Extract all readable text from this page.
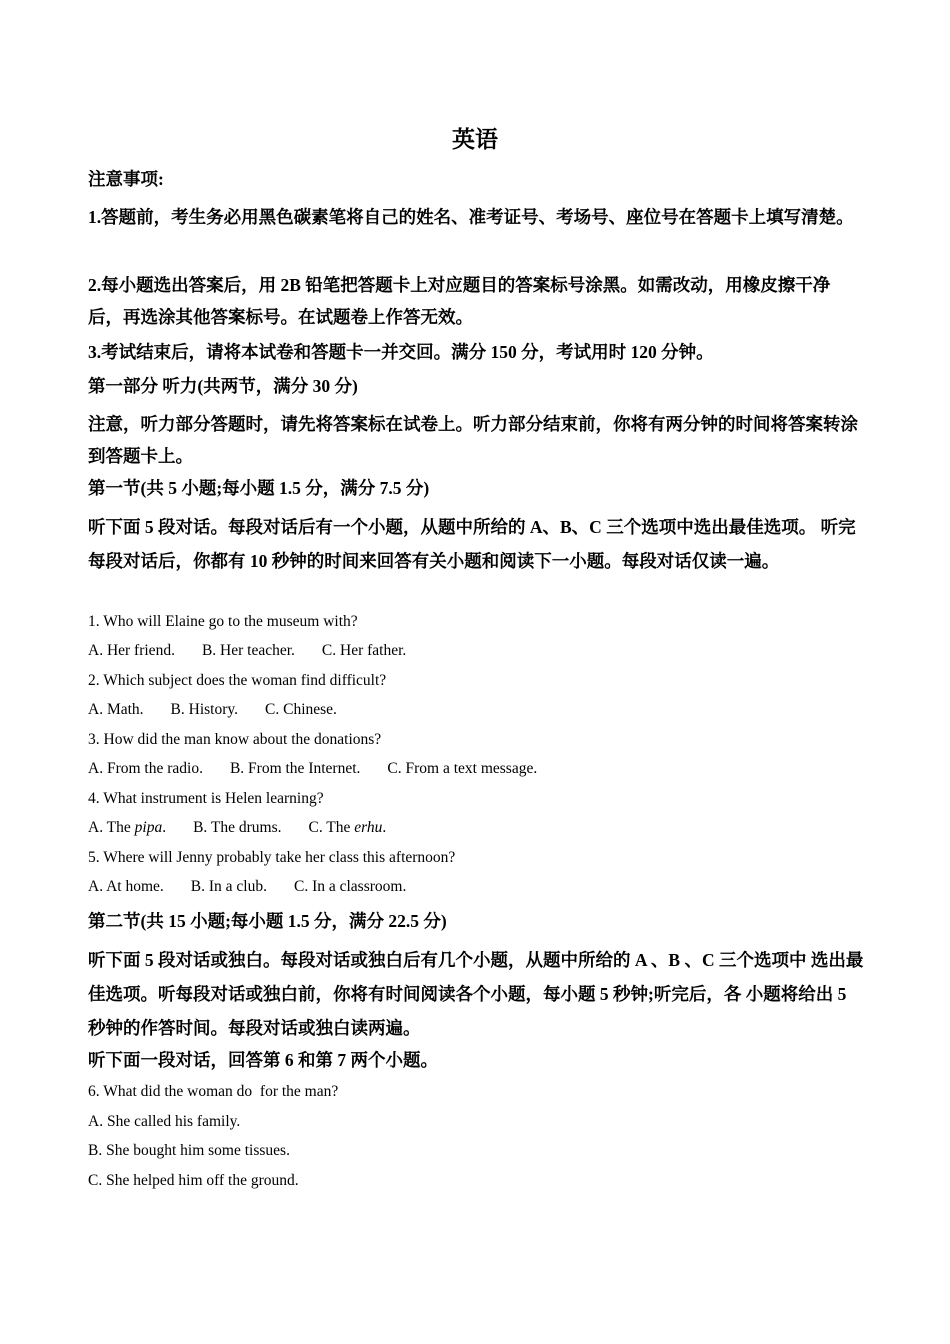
英语

注意事项:

1.答题前，考生务必用黑色碳素笔将自己的姓名、准考证号、考场号、座位号在答题卡上填写清楚。

2.每小题选出答案后，用 2B 铅笔把答题卡上对应题目的答案标号涂黑。如需改动，用橡皮擦干净后，再选涂其他答案标号。在试题卷上作答无效。

3.考试结束后，请将本试卷和答题卡一并交回。满分 150 分，考试用时 120 分钟。

第一部分 听力(共两节，满分 30 分)

注意，听力部分答题时，请先将答案标在试卷上。听力部分结束前，你将有两分钟的时间将答案转涂到答题卡上。

第一节(共 5 小题;每小题 1.5 分，满分 7.5 分)

听下面 5 段对话。每段对话后有一个小题，从题中所给的 A、B、C 三个选项中选出最佳选项。 听完每段对话后，你都有 10 秒钟的时间来回答有关小题和阅读下一小题。每段对话仅读一遍。

1. Who will Elaine go to the museum with?

A. Her friend. B. Her teacher. C. Her father.

2. Which subject does the woman find difficult?

A. Math. B. History. C. Chinese.

3. How did the man know about the donations?

A. From the radio. B. From the Internet. C. From a text message.

4. What instrument is Helen learning?

A. The pipa. B. The drums. C. The erhu.

5. Where will Jenny probably take her class this afternoon?

A. At home. B. In a club. C. In a classroom.

第二节(共 15 小题;每小题 1.5 分，满分 22.5 分)

听下面 5 段对话或独白。每段对话或独白后有几个小题，从题中所给的 A 、B 、C 三个选项中 选出最佳选项。听每段对话或独白前，你将有时间阅读各个小题，每小题 5 秒钟;听完后，各 小题将给出 5 秒钟的作答时间。每段对话或独白读两遍。

听下面一段对话，回答第 6 和第 7 两个小题。

6. What did the woman do  for the man?

A. She called his family.

B. She bought him some tissues.

C. She helped him off the ground.
